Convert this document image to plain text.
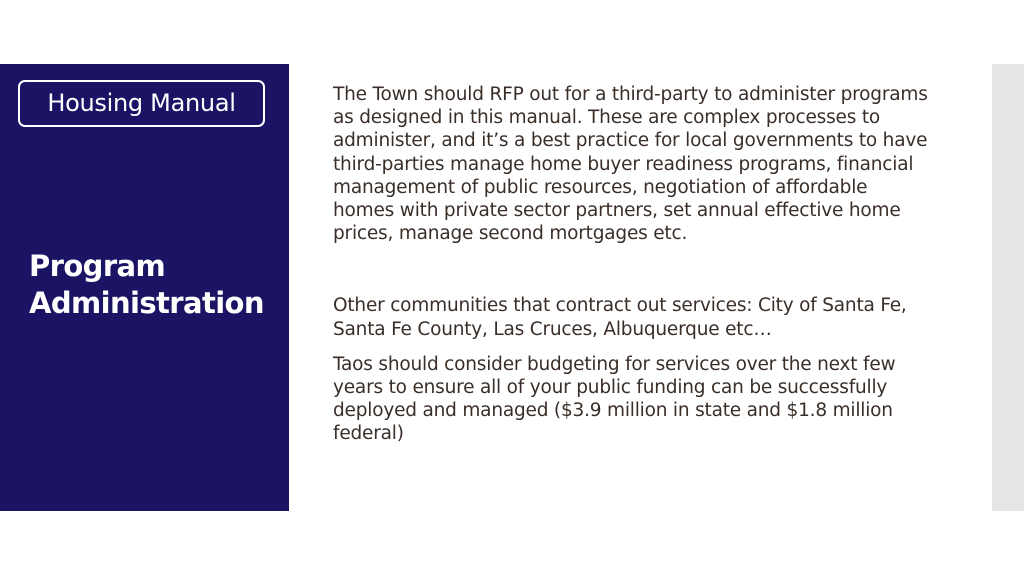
Housing Manual
Program Administration

The Town should RFP out for a third-party to administer programs as designed in this manual. These are complex processes to administer, and it’s a best practice for local governments to have third-parties manage home buyer readiness programs, financial management of public resources, negotiation of affordable homes with private sector partners, set annual effective home prices, manage second mortgages etc.

Other communities that contract out services: City of Santa Fe, Santa Fe County, Las Cruces, Albuquerque etc…

Taos should consider budgeting for services over the next few years to ensure all of your public funding can be successfully deployed and managed ($3.9 million in state and $1.8 million federal)
